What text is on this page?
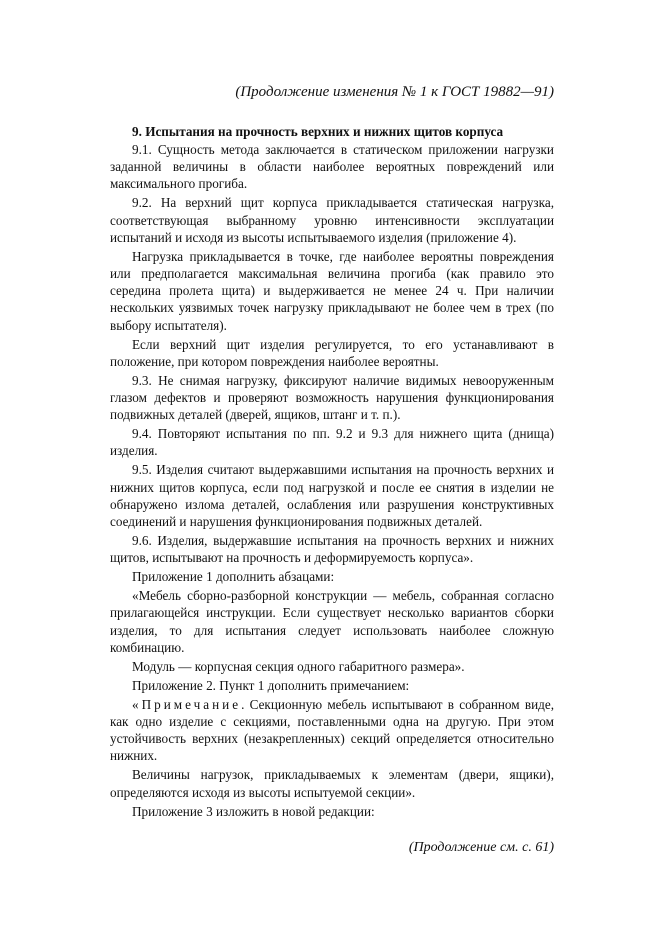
(Продолжение изменения № 1 к ГОСТ 19882—91)

9. Испытания на прочность верхних и нижних щитов корпуса

9.1. Сущность метода заключается в статическом приложении нагрузки заданной величины в области наиболее вероятных повреждений или максимального прогиба.

9.2. На верхний щит корпуса прикладывается статическая нагрузка, соответствующая выбранному уровню интенсивности эксплуатации испытаний и исходя из высоты испытываемого изделия (приложение 4).

Нагрузка прикладывается в точке, где наиболее вероятны повреждения или предполагается максимальная величина прогиба (как правило это середина пролета щита) и выдерживается не менее 24 ч. При наличии нескольких уязвимых точек нагрузку прикладывают не более чем в трех (по выбору испытателя).

Если верхний щит изделия регулируется, то его устанавливают в положение, при котором повреждения наиболее вероятны.

9.3. Не снимая нагрузку, фиксируют наличие видимых невооруженным глазом дефектов и проверяют возможность нарушения функционирования подвижных деталей (дверей, ящиков, штанг и т. п.).

9.4. Повторяют испытания по пп. 9.2 и 9.3 для нижнего щита (днища) изделия.

9.5. Изделия считают выдержавшими испытания на прочность верхних и нижних щитов корпуса, если под нагрузкой и после ее снятия в изделии не обнаружено излома деталей, ослабления или разрушения конструктивных соединений и нарушения функционирования подвижных деталей.

9.6. Изделия, выдержавшие испытания на прочность верхних и нижних щитов, испытывают на прочность и деформируемость корпуса».

Приложение 1 дополнить абзацами:

«Мебель сборно-разборной конструкции — мебель, собранная согласно прилагающейся инструкции. Если существует несколько вариантов сборки изделия, то для испытания следует использовать наиболее сложную комбинацию.

Модуль — корпусная секция одного габаритного размера».

Приложение 2. Пункт 1 дополнить примечанием:

«Примечание. Секционную мебель испытывают в собранном виде, как одно изделие с секциями, поставленными одна на другую. При этом устойчивость верхних (незакрепленных) секций определяется относительно нижних.

Величины нагрузок, прикладываемых к элементам (двери, ящики), определяются исходя из высоты испытуемой секции».

Приложение 3 изложить в новой редакции:

(Продолжение см. с. 61)
